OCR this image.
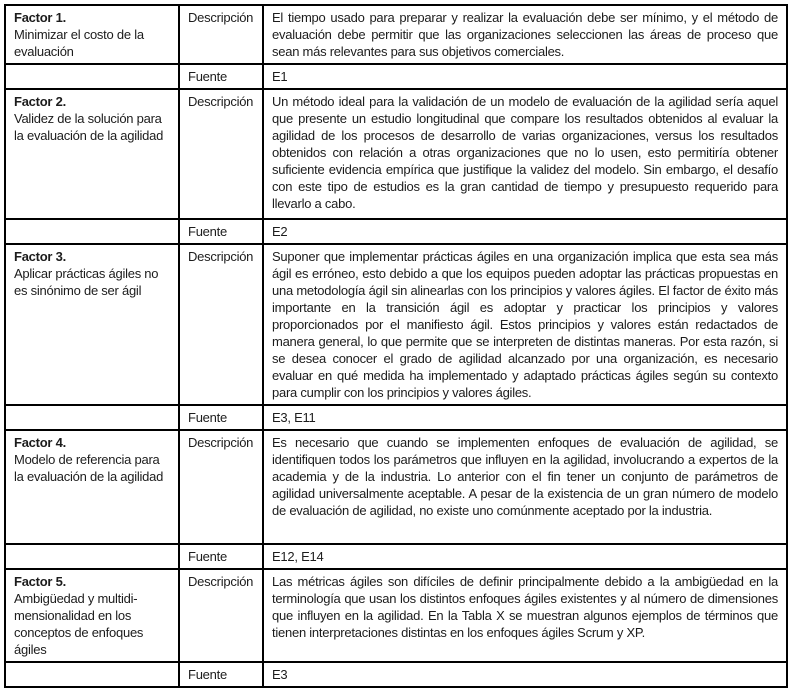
Factor 1.
Minimizar el costo de la evaluación	Descripción	El tiempo usado para preparar y realizar la evaluación debe ser mínimo, y el método de evaluación debe permitir que las organizaciones seleccionen las áreas de proceso que sean más relevantes para sus objetivos comerciales.
	Fuente	E1

Factor 2.
Validez de la solución para la evaluación de la agilidad	Descripción	Un método ideal para la validación de un modelo de evaluación de la agilidad sería aquel que presente un estudio longitudinal que compare los resultados obtenidos al evaluar la agilidad de los procesos de desarrollo de varias organizaciones, versus los resultados obtenidos con relación a otras organizaciones que no lo usen, esto permitiría obtener suficiente evidencia empírica que justifique la validez del modelo. Sin embargo, el desafío con este tipo de estudios es la gran cantidad de tiempo y presupuesto requerido para llevarlo a cabo.
	Fuente	E2

Factor 3.
Aplicar prácticas ágiles no es sinónimo de ser ágil	Descripción	Suponer que implementar prácticas ágiles en una organización implica que esta sea más ágil es erróneo, esto debido a que los equipos pueden adoptar las prácticas propuestas en una metodología ágil sin alinearlas con los principios y valores ágiles. El factor de éxito más importante en la transición ágil es adoptar y practicar los principios y valores proporcionados por el manifiesto ágil. Estos principios y valores están redactados de manera general, lo que permite que se interpreten de distintas maneras. Por esta razón, si se desea conocer el grado de agilidad alcanzado por una organización, es necesario evaluar en qué medida ha implementado y adaptado prácticas ágiles según su contexto para cumplir con los principios y valores ágiles.
	Fuente	E3, E11

Factor 4.
Modelo de referencia para la evaluación de la agilidad	Descripción	Es necesario que cuando se implementen enfoques de evaluación de agilidad, se identifiquen todos los parámetros que influyen en la agilidad, involucrando a expertos de la academia y de la industria. Lo anterior con el fin tener un conjunto de parámetros de agilidad universalmente aceptable. A pesar de la existencia de un gran número de modelo de evaluación de agilidad, no existe uno comúnmente aceptado por la industria.
	Fuente	E12, E14

Factor 5.
Ambigüedad y multidi-mensionalidad en los conceptos de enfoques ágiles	Descripción	Las métricas ágiles son difíciles de definir principalmente debido a la ambigüedad en la terminología que usan los distintos enfoques ágiles existentes y al número de dimensiones que influyen en la agilidad. En la Tabla X se muestran algunos ejemplos de términos que tienen interpretaciones distintas en los enfoques ágiles Scrum y XP.
	Fuente	E3
